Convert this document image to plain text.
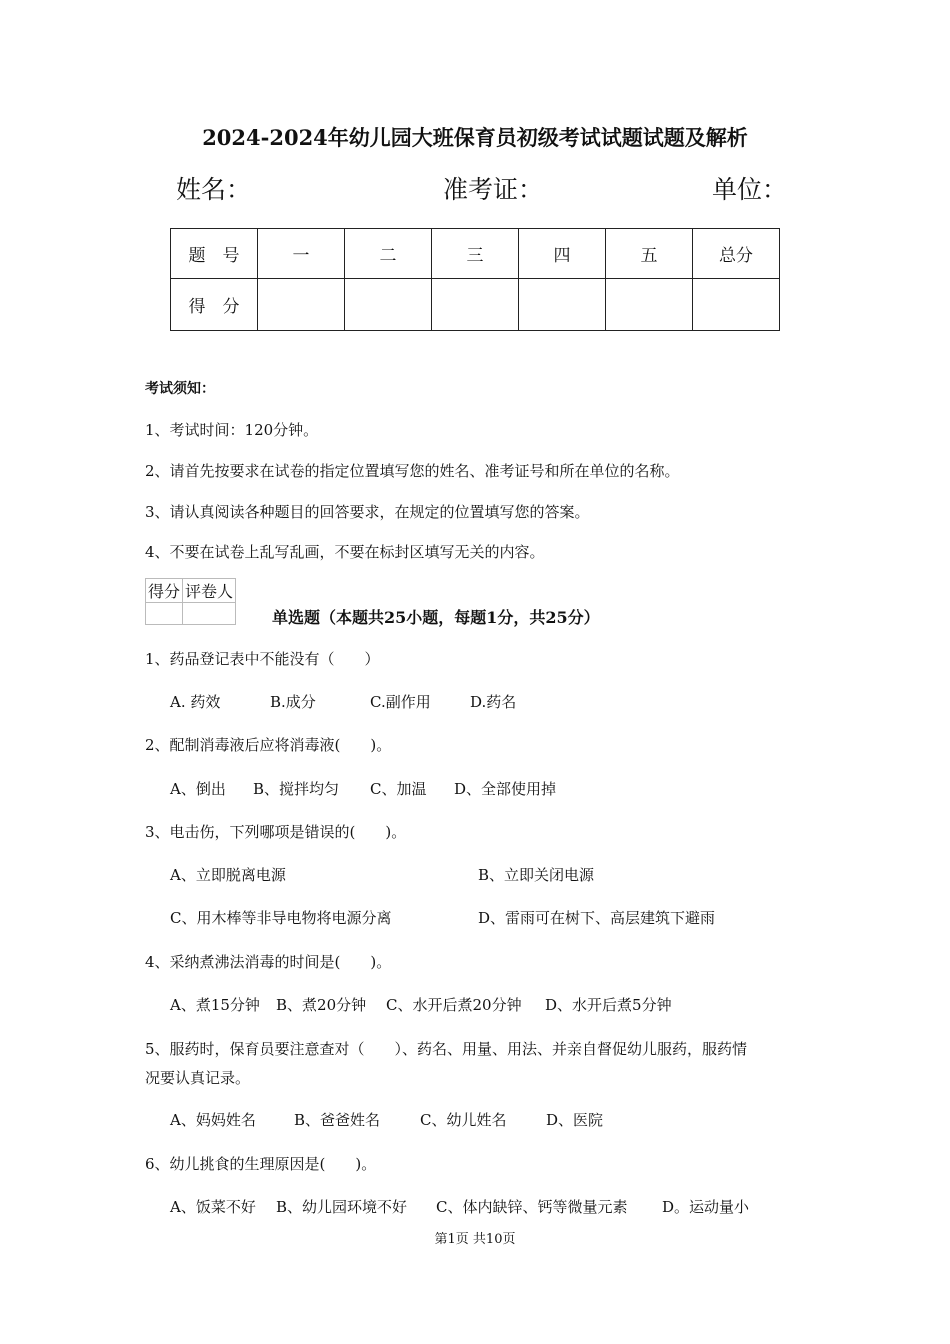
2024-2024年幼儿园大班保育员初级考试试题试题及解析
姓名：	准考证：	单位：
题　号	一	二	三	四	五	总分
得　分						
考试须知：
1、考试时间：120分钟。
2、请首先按要求在试卷的指定位置填写您的姓名、准考证号和所在单位的名称。
3、请认真阅读各种题目的回答要求，在规定的位置填写您的答案。
4、不要在试卷上乱写乱画，不要在标封区填写无关的内容。
得分	评卷人

单选题（本题共25小题，每题1分，共25分）
1、药品登记表中不能没有（　　）
A. 药效	B.成分	C.副作用	D.药名
2、配制消毒液后应将消毒液(　　)。
A、倒出 B、搅拌均匀 C、加温 D、全部使用掉
3、电击伤，下列哪项是错误的(　　)。
A、立即脱离电源	B、立即关闭电源
C、用木棒等非导电物将电源分离	D、雷雨可在树下、高层建筑下避雨
4、采纳煮沸法消毒的时间是(　　)。
A、煮15分钟 B、煮20分钟 C、水开后煮20分钟 D、水开后煮5分钟
5、服药时，保育员要注意查对（　　）、药名、用量、用法、并亲自督促幼儿服药，服药情
况要认真记录。
A、妈妈姓名	B、爸爸姓名	C、幼儿姓名	D、医院
6、幼儿挑食的生理原因是(　　)。
A、饭菜不好 B、幼儿园环境不好 C、体内缺锌、钙等微量元素 D。运动量小
第1页 共10页
